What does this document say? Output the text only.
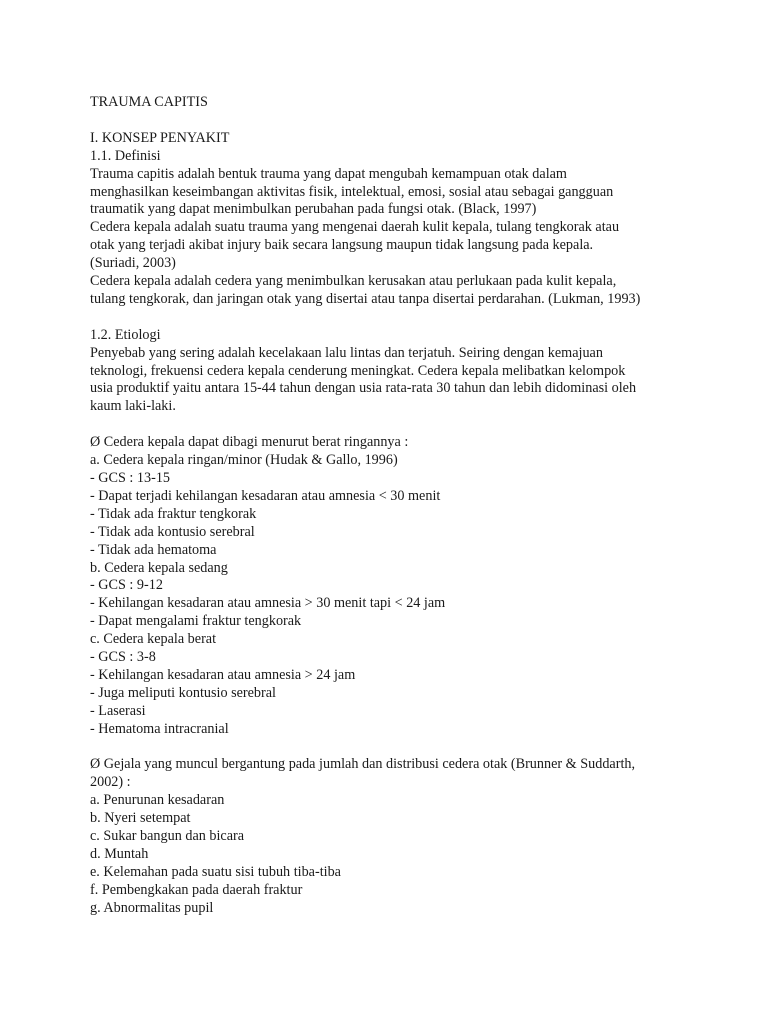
TRAUMA CAPITIS
I. KONSEP PENYAKIT
1.1. Definisi
Trauma capitis adalah bentuk trauma yang dapat mengubah kemampuan otak dalam
menghasilkan keseimbangan aktivitas fisik, intelektual, emosi, sosial atau sebagai gangguan
traumatik yang dapat menimbulkan perubahan pada fungsi otak. (Black, 1997)
Cedera kepala adalah suatu trauma yang mengenai daerah kulit kepala, tulang tengkorak atau
otak yang terjadi akibat injury baik secara langsung maupun tidak langsung pada kepala.
(Suriadi, 2003)
Cedera kepala adalah cedera yang menimbulkan kerusakan atau perlukaan pada kulit kepala,
tulang tengkorak, dan jaringan otak yang disertai atau tanpa disertai perdarahan. (Lukman, 1993)
1.2. Etiologi
Penyebab yang sering adalah kecelakaan lalu lintas dan terjatuh. Seiring dengan kemajuan
teknologi, frekuensi cedera kepala cenderung meningkat. Cedera kepala melibatkan kelompok
usia produktif yaitu antara 15-44 tahun dengan usia rata-rata 30 tahun dan lebih didominasi oleh
kaum laki-laki.
Ø Cedera kepala dapat dibagi menurut berat ringannya :
a. Cedera kepala ringan/minor (Hudak & Gallo, 1996)
- GCS : 13-15
- Dapat terjadi kehilangan kesadaran atau amnesia < 30 menit
- Tidak ada fraktur tengkorak
- Tidak ada kontusio serebral
- Tidak ada hematoma
b. Cedera kepala sedang
- GCS : 9-12
- Kehilangan kesadaran atau amnesia > 30 menit tapi < 24 jam
- Dapat mengalami fraktur tengkorak
c. Cedera kepala berat
- GCS : 3-8
- Kehilangan kesadaran atau amnesia > 24 jam
- Juga meliputi kontusio serebral
- Laserasi
- Hematoma intracranial
Ø Gejala yang muncul bergantung pada jumlah dan distribusi cedera otak (Brunner & Suddarth,
2002) :
a. Penurunan kesadaran
b. Nyeri setempat
c. Sukar bangun dan bicara
d. Muntah
e. Kelemahan pada suatu sisi tubuh tiba-tiba
f. Pembengkakan pada daerah fraktur
g. Abnormalitas pupil
